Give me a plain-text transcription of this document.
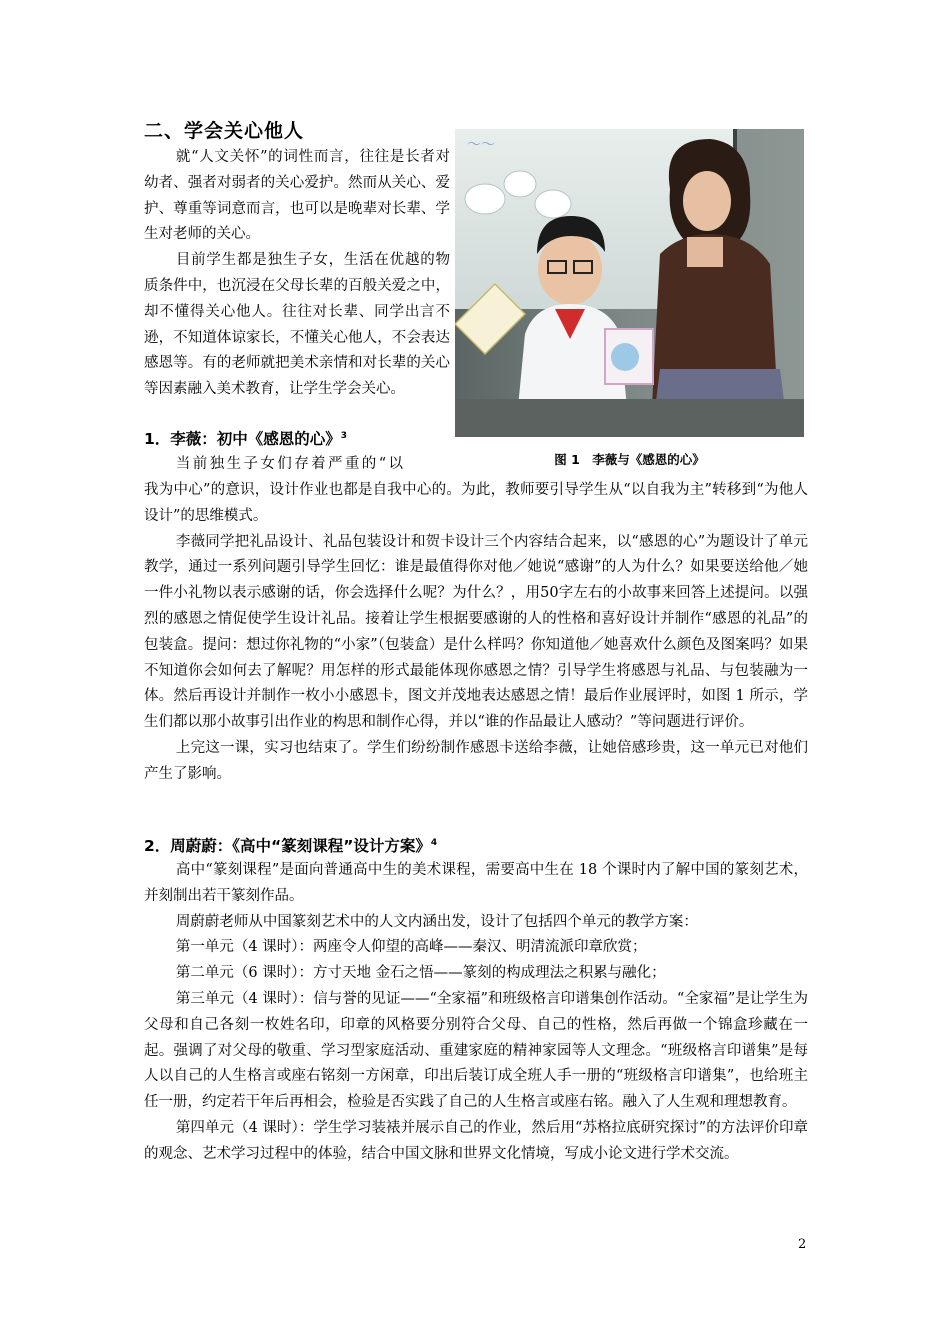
二、学会关心他人

就“人文关怀”的词性而言，往往是长者对幼者、强者对弱者的关心爱护。然而从关心、爱护、尊重等词意而言，也可以是晚辈对长辈、学生对老师的关心。

目前学生都是独生子女，生活在优越的物质条件中，也沉浸在父母长辈的百般关爱之中，却不懂得关心他人。往往对长辈、同学出言不逊，不知道体谅家长，不懂关心他人，不会表达感恩等。有的老师就把美术亲情和对长辈的关心等因素融入美术教育，让学生学会关心。

〜〜
图 1　李薇与《感恩的心》
1．李薇：初中《感恩的心》$^3$
当前独生子女们存着严重的“以

我为中心”的意识，设计作业也都是自我中心的。为此，教师要引导学生从“以自我为主”转移到“为他人设计”的思维模式。

李薇同学把礼品设计、礼品包装设计和贺卡设计三个内容结合起来，以“感恩的心”为题设计了单元教学，通过一系列问题引导学生回忆：谁是最值得你对他／她说“感谢”的人为什么？如果要送给他／她一件小礼物以表示感谢的话，你会选择什么呢？为什么？，用50字左右的小故事来回答上述提问。以强烈的感恩之情促使学生设计礼品。接着让学生根据要感谢的人的性格和喜好设计并制作“感恩的礼品”的包装盒。提问：想过你礼物的“小家”（包装盒）是什么样吗？你知道他／她喜欢什么颜色及图案吗？如果不知道你会如何去了解呢？用怎样的形式最能体现你感恩之情？引导学生将感恩与礼品、与包装融为一体。然后再设计并制作一枚小小感恩卡，图文并茂地表达感恩之情！最后作业展评时，如图 1 所示，学生们都以那小故事引出作业的构思和制作心得，并以“谁的作品最让人感动？”等问题进行评价。

上完这一课，实习也结束了。学生们纷纷制作感恩卡送给李薇，让她倍感珍贵，这一单元已对他们产生了影响。

2．周蔚蔚：《高中“篆刻课程”设计方案》$^4$

高中“篆刻课程”是面向普通高中生的美术课程，需要高中生在 18 个课时内了解中国的篆刻艺术，并刻制出若干篆刻作品。

周蔚蔚老师从中国篆刻艺术中的人文内涵出发，设计了包括四个单元的教学方案：

第一单元（4 课时）：两座令人仰望的高峰——秦汉、明清流派印章欣赏；

第二单元（6 课时）：方寸天地 金石之悟——篆刻的构成理法之积累与融化；

第三单元（4 课时）：信与誉的见证——“全家福”和班级格言印谱集创作活动。“全家福”是让学生为父母和自己各刻一枚姓名印，印章的风格要分别符合父母、自己的性格，然后再做一个锦盒珍藏在一起。强调了对父母的敬重、学习型家庭活动、重建家庭的精神家园等人文理念。“班级格言印谱集”是每人以自己的人生格言或座右铭刻一方闲章，印出后装订成全班人手一册的“班级格言印谱集”，也给班主任一册，约定若干年后再相会，检验是否实践了自己的人生格言或座右铭。融入了人生观和理想教育。

第四单元（4 课时）：学生学习装裱并展示自己的作业，然后用“苏格拉底研究探讨”的方法评价印章的观念、艺术学习过程中的体验，结合中国文脉和世界文化情境，写成小论文进行学术交流。

2
